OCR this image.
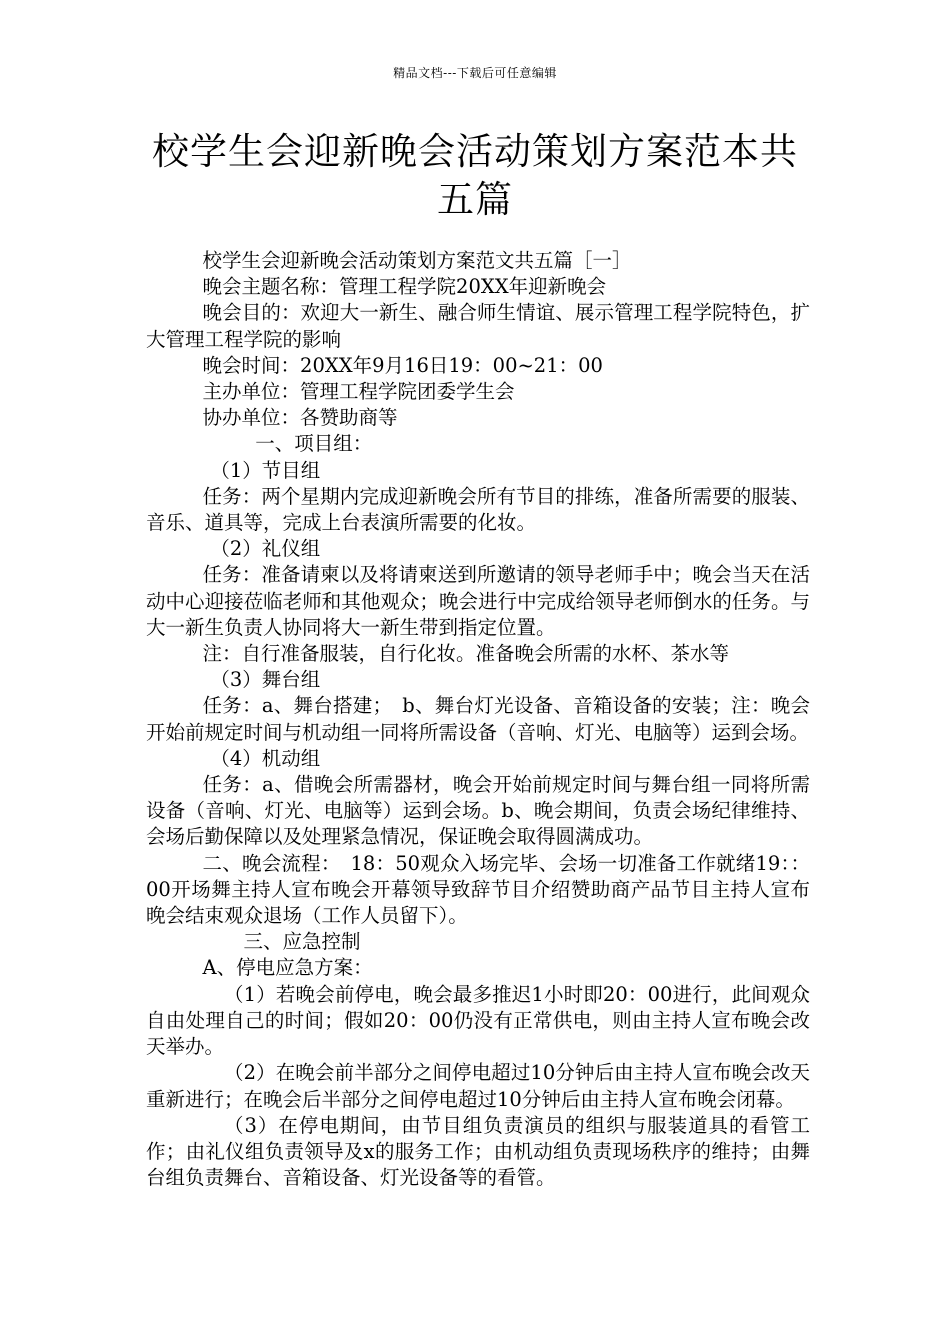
精品文档---下载后可任意编辑
校学生会迎新晚会活动策划方案范本共五篇

校学生会迎新晚会活动策划方案范文共五篇［一］

晚会主题名称：管理工程学院20XX年迎新晚会

晚会目的：欢迎大一新生、融合师生情谊、展示管理工程学院特色，扩大管理工程学院的影响

晚会时间：20XX年9月16日19：00~21：00

主办单位：管理工程学院团委学生会

协办单位：各赞助商等

一、项目组：

（1）节目组

任务：两个星期内完成迎新晚会所有节目的排练，准备所需要的服装、音乐、道具等，完成上台表演所需要的化妆。

（2）礼仪组

任务：准备请柬以及将请柬送到所邀请的领导老师手中；晚会当天在活动中心迎接莅临老师和其他观众；晚会进行中完成给领导老师倒水的任务。与大一新生负责人协同将大一新生带到指定位置。

注：自行准备服装，自行化妆。准备晚会所需的水杯、茶水等

（3）舞台组

任务：a、舞台搭建；　b、舞台灯光设备、音箱设备的安装；注：晚会开始前规定时间与机动组一同将所需设备（音响、灯光、电脑等）运到会场。

（4）机动组

任务：a、借晚会所需器材，晚会开始前规定时间与舞台组一同将所需设备（音响、灯光、电脑等）运到会场。b、晚会期间，负责会场纪律维持、会场后勤保障以及处理紧急情况，保证晚会取得圆满成功。

二、晚会流程：　18：50观众入场完毕、会场一切准备工作就绪19：：00开场舞主持人宣布晚会开幕领导致辞节目介绍赞助商产品节目主持人宣布晚会结束观众退场（工作人员留下）。

三、应急控制

A、停电应急方案：

（1）若晚会前停电，晚会最多推迟1小时即20：00进行，此间观众自由处理自己的时间；假如20：00仍没有正常供电，则由主持人宣布晚会改天举办。

（2）在晚会前半部分之间停电超过10分钟后由主持人宣布晚会改天重新进行；在晚会后半部分之间停电超过10分钟后由主持人宣布晚会闭幕。

（3）在停电期间，由节目组负责演员的组织与服装道具的看管工作；由礼仪组负责领导及x的服务工作；由机动组负责现场秩序的维持；由舞台组负责舞台、音箱设备、灯光设备等的看管。
